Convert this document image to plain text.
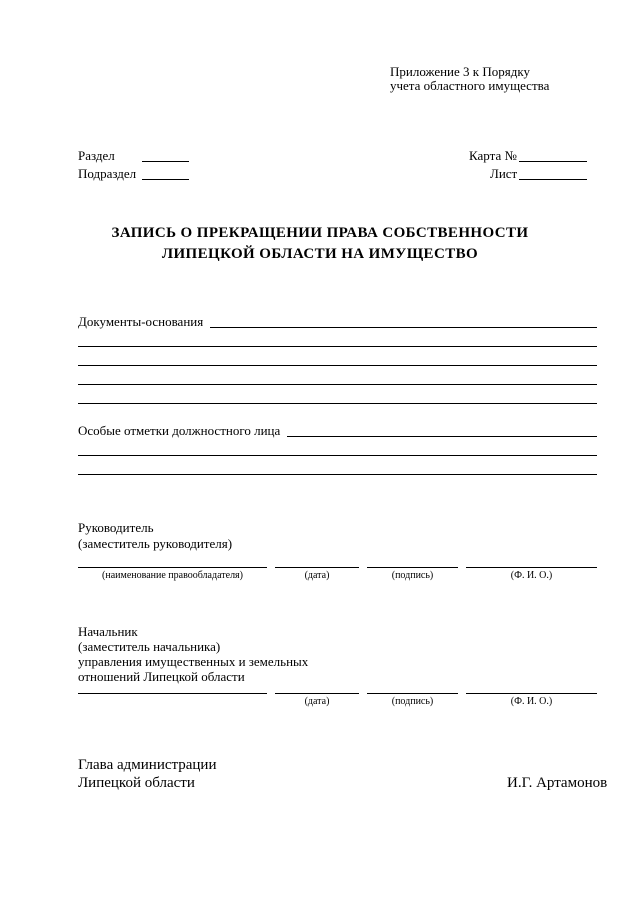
Приложение 3 к Порядку
учета областного имущества
Раздел
Подраздел
Карта №
Лист
ЗАПИСЬ О ПРЕКРАЩЕНИИ ПРАВА СОБСТВЕННОСТИ
ЛИПЕЦКОЙ ОБЛАСТИ НА ИМУЩЕСТВО
Документы-основания
Особые отметки должностного лица
Руководитель
(заместитель руководителя)
(наименование правообладателя)	(дата)	(подпись)	(Ф. И. О.)
Начальник
(заместитель начальника)
управления имущественных и земельных
отношений Липецкой области
(дата)	(подпись)	(Ф. И. О.)
Глава администрации
Липецкой области	И.Г. Артамонов
